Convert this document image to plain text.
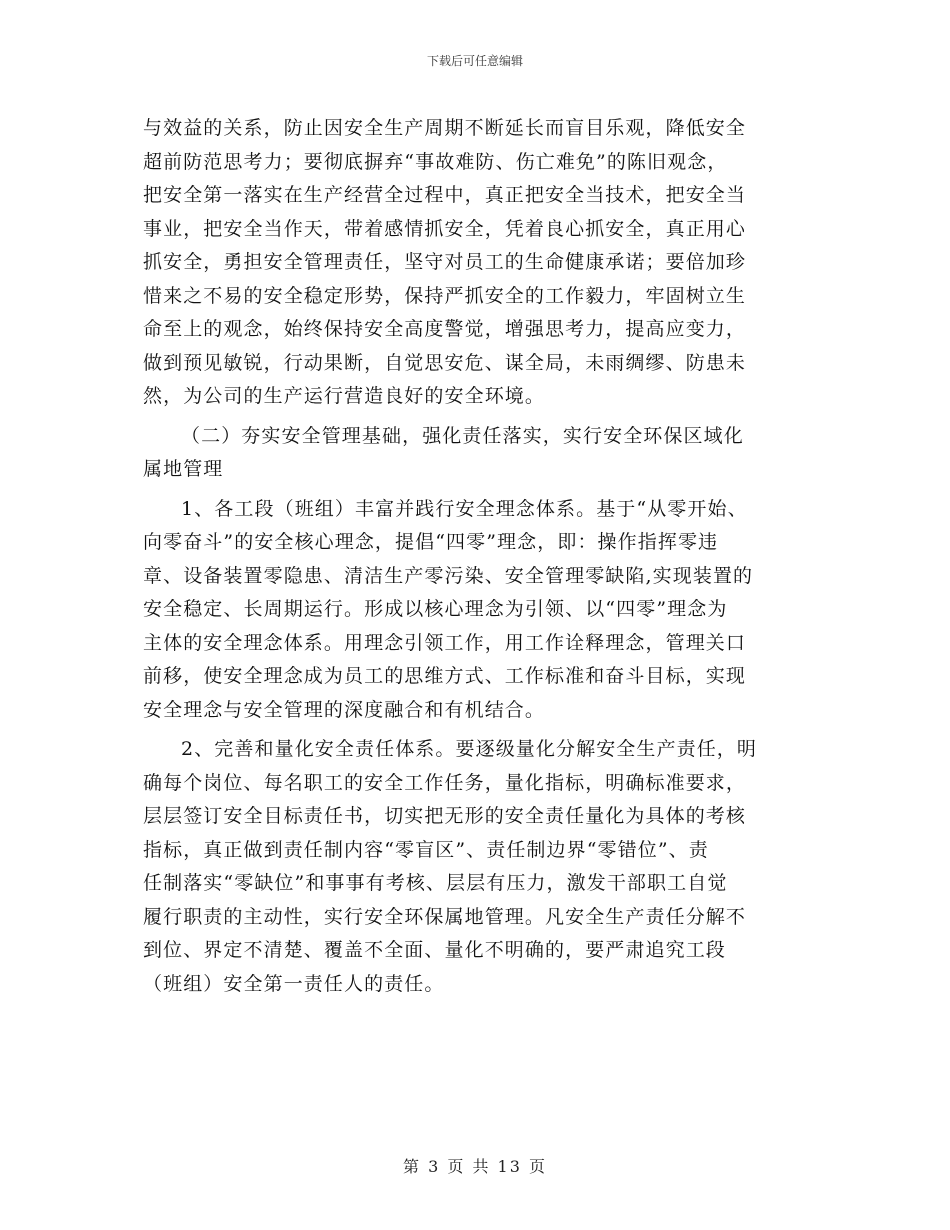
下载后可任意编辑
与效益的关系，防止因安全生产周期不断延长而盲目乐观，降低安全
超前防范思考力；要彻底摒弃“事故难防、伤亡难免”的陈旧观念，
把安全第一落实在生产经营全过程中，真正把安全当技术，把安全当
事业，把安全当作天，带着感情抓安全，凭着良心抓安全，真正用心
抓安全，勇担安全管理责任，坚守对员工的生命健康承诺；要倍加珍
惜来之不易的安全稳定形势，保持严抓安全的工作毅力，牢固树立生
命至上的观念，始终保持安全高度警觉，增强思考力，提高应变力，
做到预见敏锐，行动果断，自觉思安危、谋全局，未雨绸缪、防患未
然，为公司的生产运行营造良好的安全环境。
（二）夯实安全管理基础，强化责任落实，实行安全环保区域化
属地管理
1、各工段（班组）丰富并践行安全理念体系。基于“从零开始、
向零奋斗”的安全核心理念，提倡“四零”理念，即：操作指挥零违
章、设备装置零隐患、清洁生产零污染、安全管理零缺陷,实现装置的
安全稳定、长周期运行。形成以核心理念为引领、以“四零”理念为
主体的安全理念体系。用理念引领工作，用工作诠释理念，管理关口
前移，使安全理念成为员工的思维方式、工作标准和奋斗目标，实现
安全理念与安全管理的深度融合和有机结合。
2、完善和量化安全责任体系。要逐级量化分解安全生产责任，明
确每个岗位、每名职工的安全工作任务，量化指标，明确标准要求，
层层签订安全目标责任书，切实把无形的安全责任量化为具体的考核
指标，真正做到责任制内容“零盲区”、责任制边界“零错位”、责
任制落实“零缺位”和事事有考核、层层有压力，激发干部职工自觉
履行职责的主动性，实行安全环保属地管理。凡安全生产责任分解不
到位、界定不清楚、覆盖不全面、量化不明确的，要严肃追究工段
（班组）安全第一责任人的责任。
第 3 页 共 13 页
